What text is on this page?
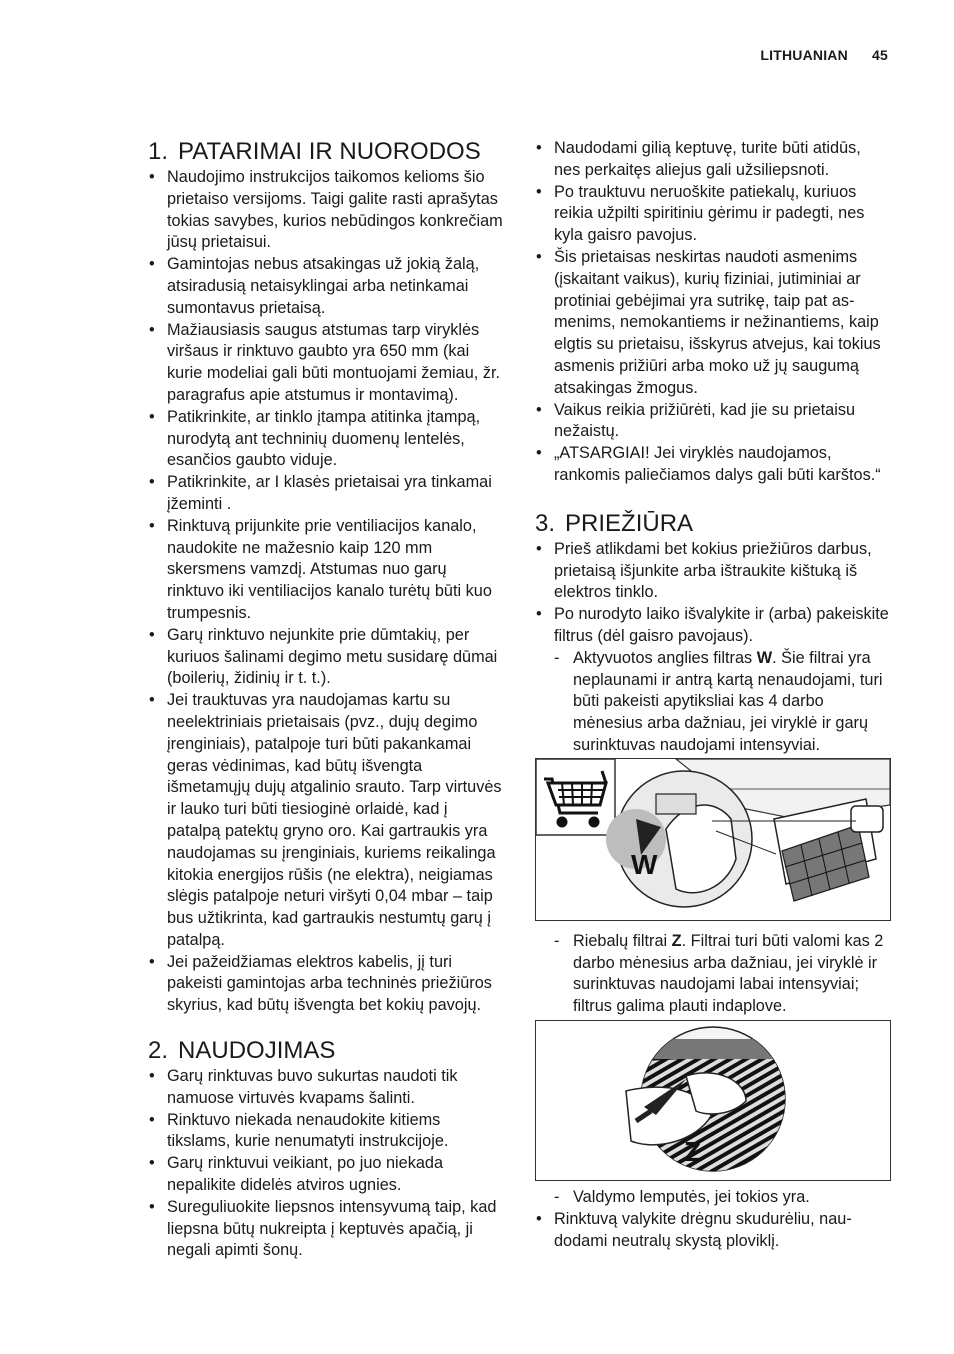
LITHUANIAN 45
1. PATARIMAI IR NUORODOS
• Naudojimo instrukcijos taikomos kelioms šio prietaiso versijoms. Taigi galite rasti aprašytas tokias savybes, kurios nebūdingos konkrečiam jūsų prietaisui.
• Gamintojas nebus atsakingas už jokią žalą, atsiradusią netaisyklingai arba netinkamai sumontavus prietaisą.
• Mažiausiasis saugus atstumas tarp viryklės viršaus ir rinktuvo gaubto yra 650 mm (kai kurie modeliai gali būti montuojami žemiau, žr. paragrafus apie atstumus ir montavimą).
• Patikrinkite, ar tinklo įtampa atitinka įtampą, nurodytą ant techninių duomenų lentelės, esančios gaubto viduje.
• Patikrinkite, ar I klasės prietaisai yra tinkamai įžeminti .
• Rinktuvą prijunkite prie ventiliacijos kanalo, naudokite ne mažesnio kaip 120 mm skersmens vamzdį. Atstumas nuo garų rinktuvo iki ventiliacijos kanalo turėtų būti kuo trumpesnis.
• Garų rinktuvo nejunkite prie dūmtakių, per kuriuos šalinami degimo metu susidarę dūmai (boilerių, židinių ir t. t.).
• Jei trauktuvas yra naudojamas kartu su neelektriniais prietaisais (pvz., dujų degimo įrenginiais), patalpoje turi būti pakankamai geras vėdinimas, kad būtų išvengta išmetamųjų dujų atgalinio srauto. Tarp virtuvės ir lauko turi būti tiesioginė orlaidė, kad į patalpą patektų gryno oro. Kai gartraukis yra naudojamas su įrenginiais, kuriems reikalinga kitokia energijos rūšis (ne elektra), neigiamas slėgis patalpoje neturi viršyti 0,04 mbar – taip bus užtikrinta, kad gartraukis nestumtų garų į patalpą.
• Jei pažeidžiamas elektros kabelis, jį turi pakeisti gamintojas arba techninės priežiūros skyrius, kad būtų išvengta bet kokių pavojų.
2. NAUDOJIMAS
• Garų rinktuvas buvo sukurtas naudoti tik namuose virtuvės kvapams šalinti.
• Rinktuvo niekada nenaudokite kitiems tikslams, kurie nenumatyti instrukcijoje.
• Garų rinktuvui veikiant, po juo niekada nepalikite didelės atviros ugnies.
• Sureguliuokite liepsnos intensyvumą taip, kad liepsna būtų nukreipta į keptuvės apačią, ji negali apimti šonų.
• Naudodami gilią keptuvę, turite būti atidūs, nes perkaitęs aliejus gali užsiliepsnoti.
• Po trauktuvu neruoškite patiekalų, kuriuos reikia užpilti spiritiniu gėrimu ir padegti, nes kyla gaisro pavojus.
• Šis prietaisas neskirtas naudoti asmenims (įskaitant vaikus), kurių fiziniai, jutiminiai ar protiniai gebėjimai yra sutrikę, taip pat asmenims, nemokantiems ir nežinantiems, kaip elgtis su prietaisu, išskyrus atvejus, kai tokius asmenis prižiūri arba moko už jų saugumą atsakingas žmogus.
• Vaikus reikia prižiūrėti, kad jie su prietaisu nežaistų.
• „ATSARGIAI! Jei viryklės naudojamos, rankomis paliečiamos dalys gali būti karštos.“
3. PRIEŽIŪRA
• Prieš atlikdami bet kokius priežiūros darbus, prietaisą išjunkite arba ištraukite kištuką iš elektros tinklo.
• Po nurodyto laiko išvalykite ir (arba) pakeiskite filtrus (dėl gaisro pavojaus).
- Aktyvuotos anglies filtras W. Šie filtrai yra neplaunami ir antrą kartą nenaudojami, turi būti pakeisti apytiksliai kas 4 darbo mėnesius arba dažniau, jei viryklė ir garų surinktuvas naudojami intensyviai.
W
- Riebalų filtrai Z. Filtrai turi būti valomi kas 2 darbo mėnesius arba dažniau, jei viryklė ir surinktuvas naudojami labai intensyviai; filtrus galima plauti indaplove.
Z
- Valdymo lemputės, jei tokios yra.
• Rinktuvą valykite drėgnu skudurėliu, naudodami neutralų skystą ploviklį.
